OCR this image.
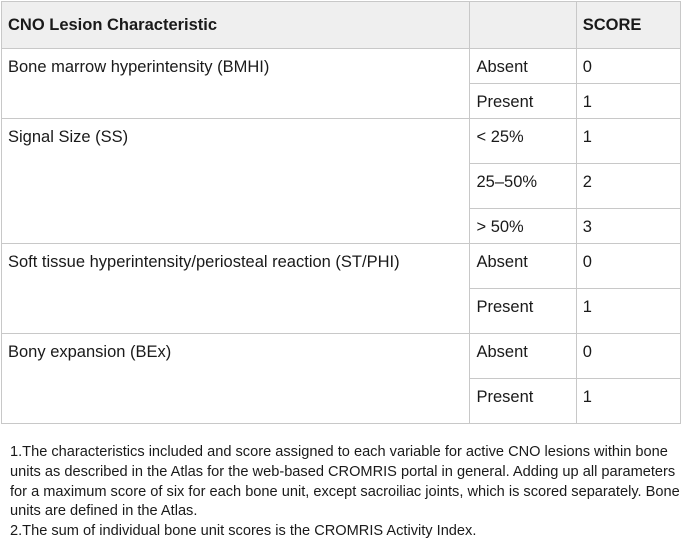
CNO Lesion Characteristic		SCORE
Bone marrow hyperintensity (BMHI)	Absent	0
	Present	1
Signal Size (SS)	< 25%	1
	25–50%	2
	> 50%	3
Soft tissue hyperintensity/periosteal reaction (ST/PHI)	Absent	0
	Present	1
Bony expansion (BEx)	Absent	0
	Present	1

1.The characteristics included and score assigned to each variable for active CNO lesions within bone units as described in the Atlas for the web-based CROMRIS portal in general. Adding up all parameters for a maximum score of six for each bone unit, except sacroiliac joints, which is scored separately. Bone units are defined in the Atlas.

2.The sum of individual bone unit scores is the CROMRIS Activity Index.
